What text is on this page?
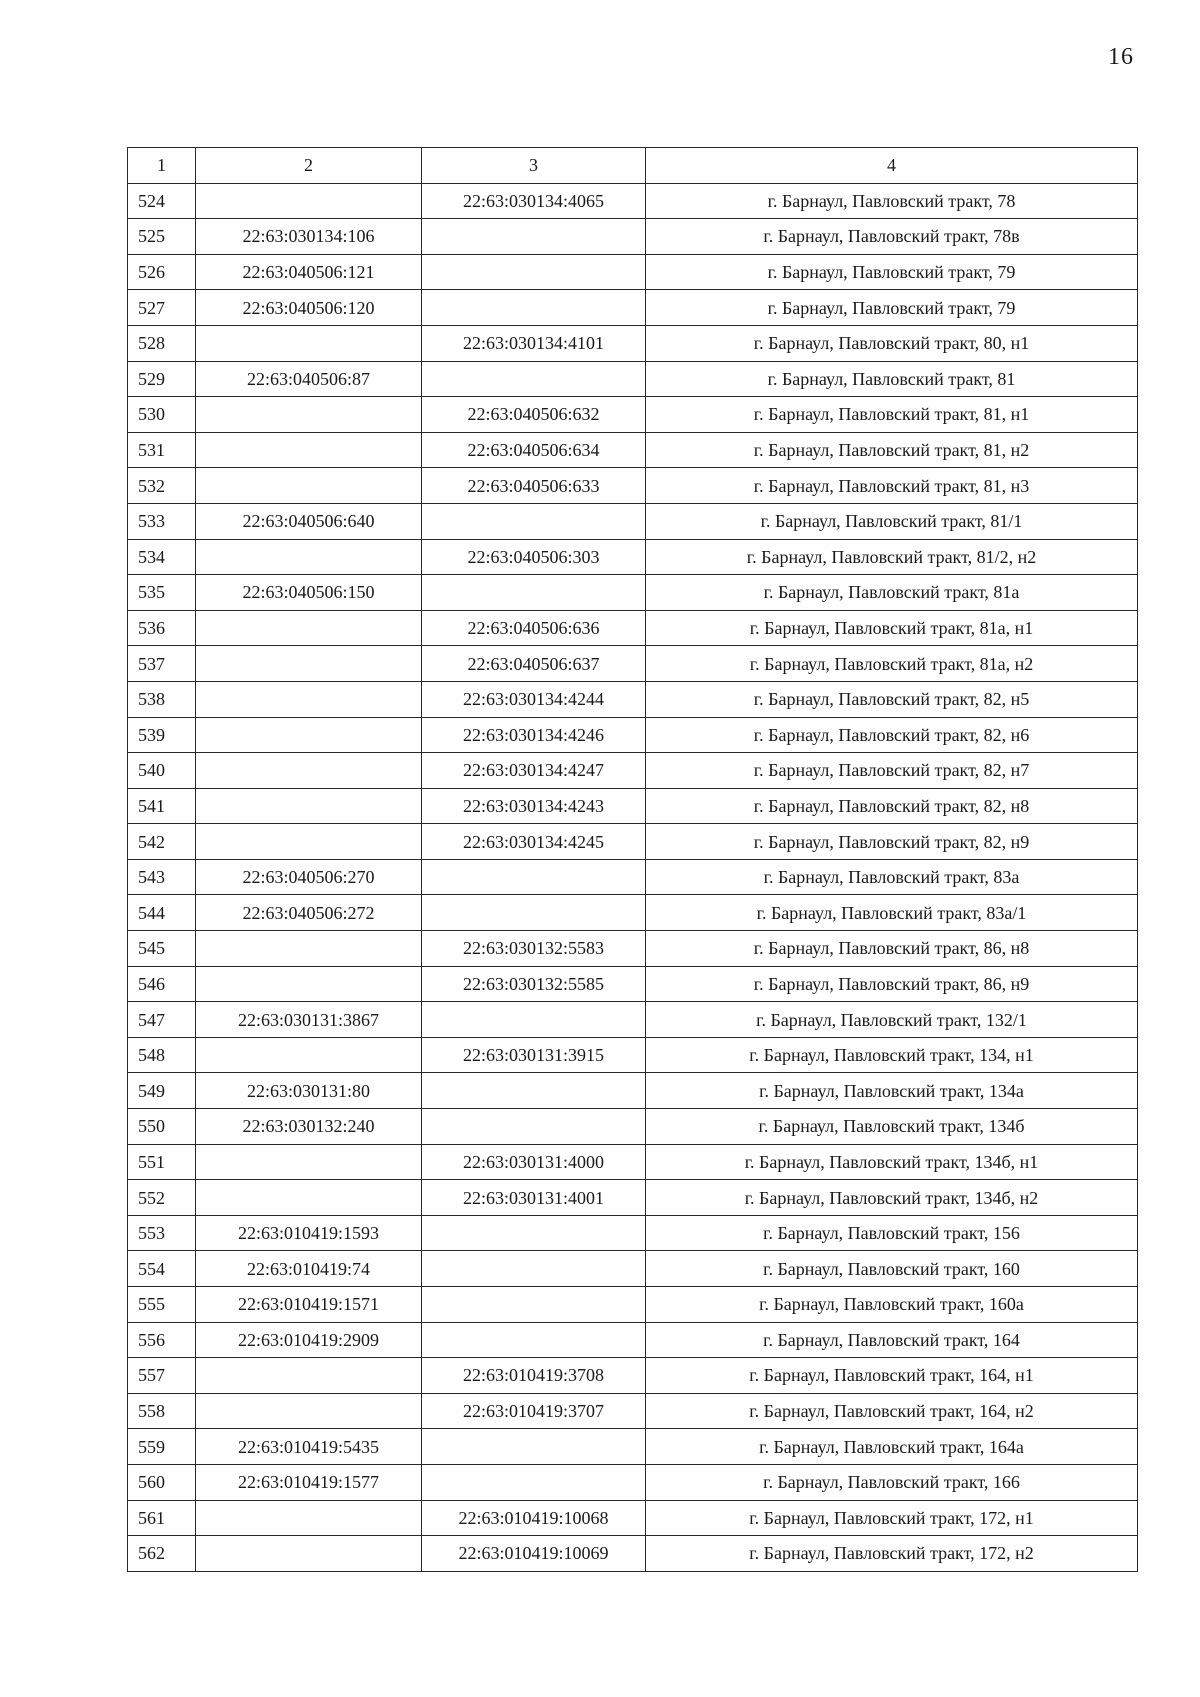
16
1	2	3	4
524		22:63:030134:4065	г. Барнаул, Павловский тракт, 78
525	22:63:030134:106		г. Барнаул, Павловский тракт, 78в
526	22:63:040506:121		г. Барнаул, Павловский тракт, 79
527	22:63:040506:120		г. Барнаул, Павловский тракт, 79
528		22:63:030134:4101	г. Барнаул, Павловский тракт, 80, н1
529	22:63:040506:87		г. Барнаул, Павловский тракт, 81
530		22:63:040506:632	г. Барнаул, Павловский тракт, 81, н1
531		22:63:040506:634	г. Барнаул, Павловский тракт, 81, н2
532		22:63:040506:633	г. Барнаул, Павловский тракт, 81, н3
533	22:63:040506:640		г. Барнаул, Павловский тракт, 81/1
534		22:63:040506:303	г. Барнаул, Павловский тракт, 81/2, н2
535	22:63:040506:150		г. Барнаул, Павловский тракт, 81а
536		22:63:040506:636	г. Барнаул, Павловский тракт, 81а, н1
537		22:63:040506:637	г. Барнаул, Павловский тракт, 81а, н2
538		22:63:030134:4244	г. Барнаул, Павловский тракт, 82, н5
539		22:63:030134:4246	г. Барнаул, Павловский тракт, 82, н6
540		22:63:030134:4247	г. Барнаул, Павловский тракт, 82, н7
541		22:63:030134:4243	г. Барнаул, Павловский тракт, 82, н8
542		22:63:030134:4245	г. Барнаул, Павловский тракт, 82, н9
543	22:63:040506:270		г. Барнаул, Павловский тракт, 83а
544	22:63:040506:272		г. Барнаул, Павловский тракт, 83а/1
545		22:63:030132:5583	г. Барнаул, Павловский тракт, 86, н8
546		22:63:030132:5585	г. Барнаул, Павловский тракт, 86, н9
547	22:63:030131:3867		г. Барнаул, Павловский тракт, 132/1
548		22:63:030131:3915	г. Барнаул, Павловский тракт, 134, н1
549	22:63:030131:80		г. Барнаул, Павловский тракт, 134а
550	22:63:030132:240		г. Барнаул, Павловский тракт, 134б
551		22:63:030131:4000	г. Барнаул, Павловский тракт, 134б, н1
552		22:63:030131:4001	г. Барнаул, Павловский тракт, 134б, н2
553	22:63:010419:1593		г. Барнаул, Павловский тракт, 156
554	22:63:010419:74		г. Барнаул, Павловский тракт, 160
555	22:63:010419:1571		г. Барнаул, Павловский тракт, 160а
556	22:63:010419:2909		г. Барнаул, Павловский тракт, 164
557		22:63:010419:3708	г. Барнаул, Павловский тракт, 164, н1
558		22:63:010419:3707	г. Барнаул, Павловский тракт, 164, н2
559	22:63:010419:5435		г. Барнаул, Павловский тракт, 164а
560	22:63:010419:1577		г. Барнаул, Павловский тракт, 166
561		22:63:010419:10068	г. Барнаул, Павловский тракт, 172, н1
562		22:63:010419:10069	г. Барнаул, Павловский тракт, 172, н2
